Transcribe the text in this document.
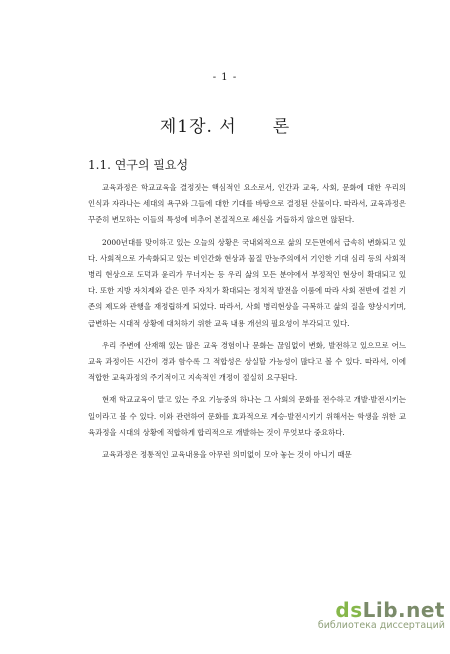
- 1 -
제1장. 서　　론
1.1. 연구의 필요성

교육과정은 학교교육을 결정짓는 핵심적인 요소로서, 인간과 교육, 사회, 문화에 대한 우리의 인식과 자라나는 세대의 욕구와 그들에 대한 기대를 바탕으로 결정된 산물이다. 따라서, 교육과정은 꾸준히 변모하는 이들의 특성에 비추어 본질적으로 쇄신을 거듭하지 않으면 않된다.

2000년대를 맞이하고 있는 오늘의 상황은 국내외적으로 삶의 모든면에서 급속히 변화되고 있다. 사회적으로 가속화되고 있는 비인간화 현상과 물질 만능주의에서 기인한 기대 심리 등의 사회적 병리 현상으로 도덕과 윤리가 무너지는 등 우리 삶의 모든 분야에서 부정적인 현상이 확대되고 있다. 또한 지방 자치제와 같은 민주 자치가 확대되는 정치적 발전을 이룸에 따라 사회 전반에 걸친 기존의 제도와 관행을 재정립하게 되었다. 따라서, 사회 병리현상을 극복하고 삶의 질을 향상시키며, 급변하는 시대적 상황에 대처하기 위한 교육 내용 개선의 필요성이 부각되고 있다.

우리 주변에 산재해 있는 많은 교육 경험이나 문화는 끊임없이 변화, 발전하고 있으므로 어느 교육 과정이든 시간이 경과 함수록 그 적합성은 상실할 가능성이 많다고 볼 수 있다. 따라서, 이에 적합한 교육과정의 주기적이고 지속적인 개정이 절실히 요구된다.

현재 학교교육이 맡고 있는 주요 기능중의 하나는 그 사회의 문화를 전수하고 개발·발전시키는 일이라고 볼 수 있다. 이와 관련하여 문화를 효과적으로 계승·발전시키기 위해서는 학생을 위한 교육과정을 시대의 상황에 적합하게 합리적으로 개발하는 것이 무엇보다 중요하다.

교육과정은 정통적인 교육내용을 아무런 의미없이 모아 놓는 것이 아니기 때문

dsLib.net
библиотека диссертаций
